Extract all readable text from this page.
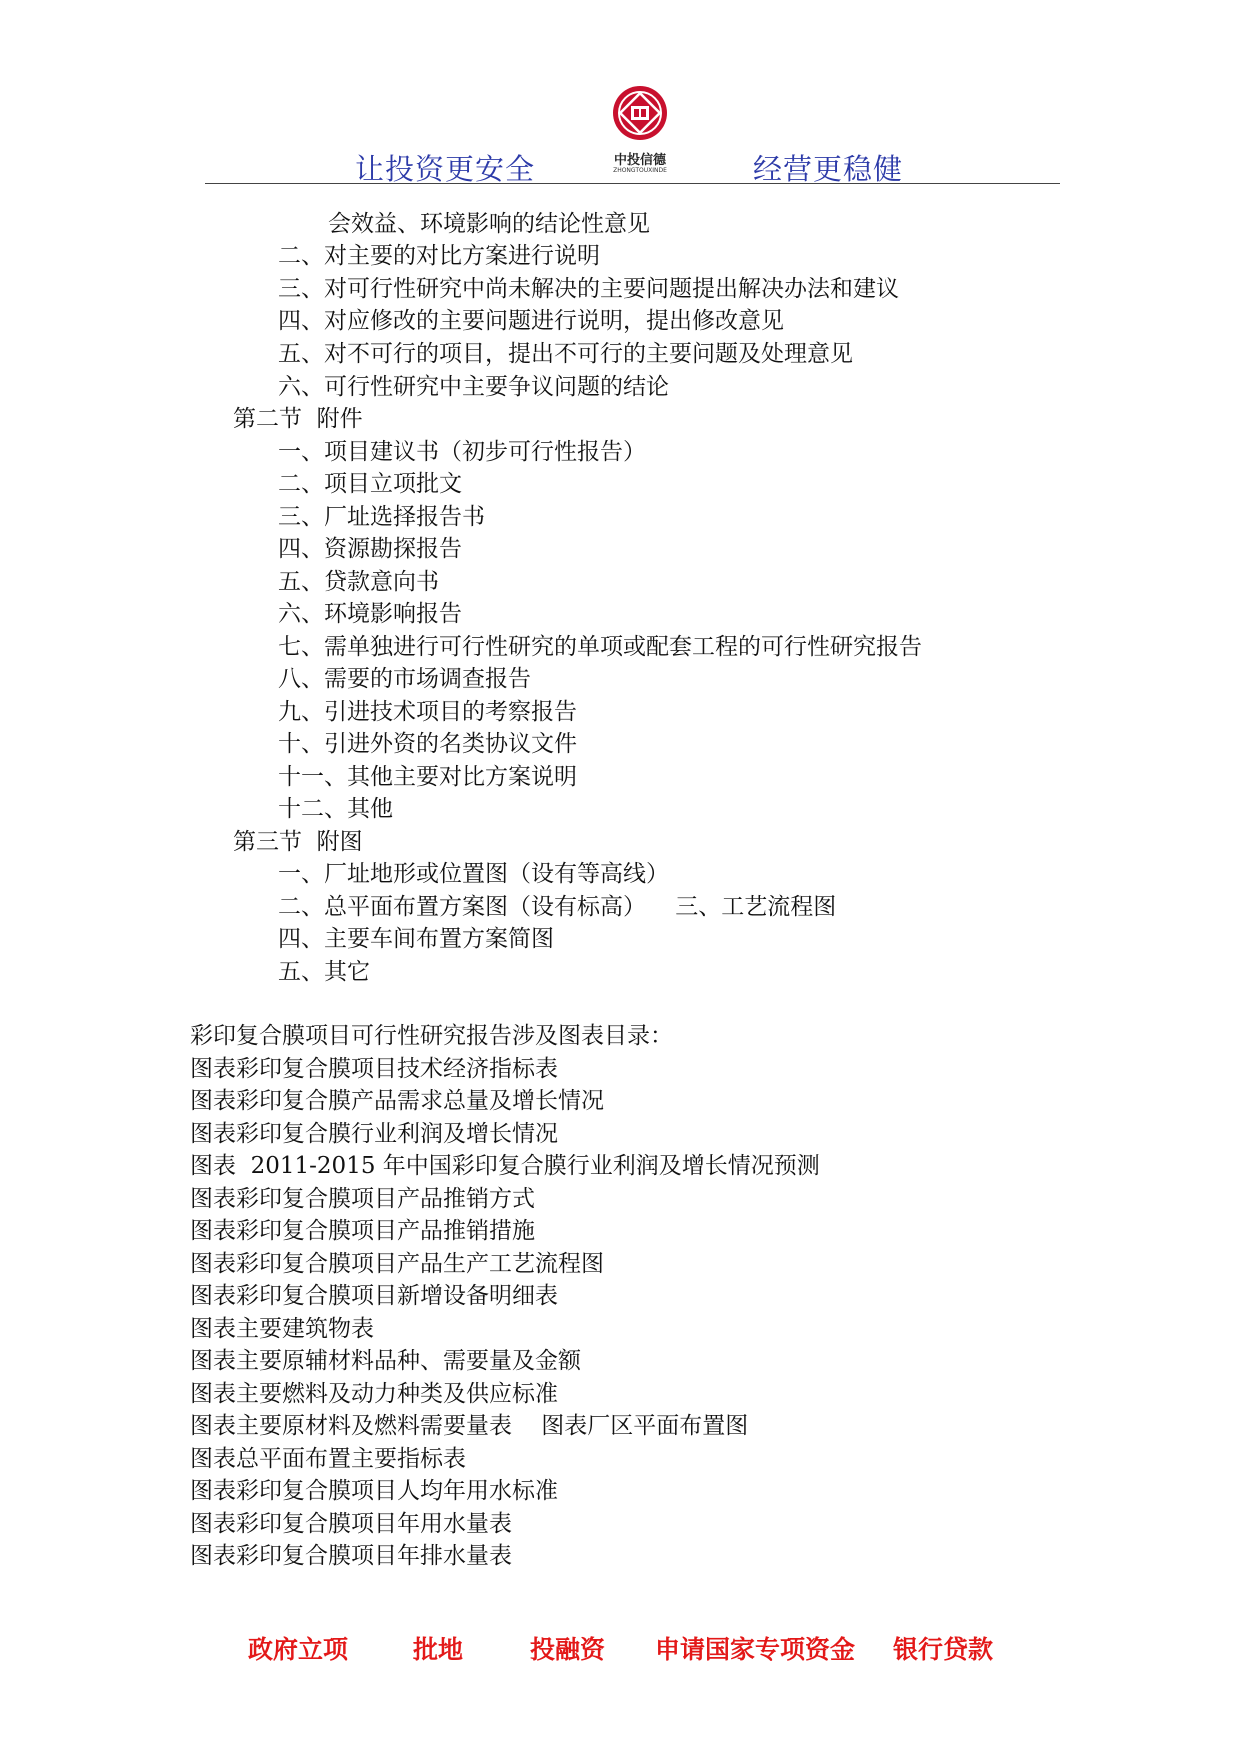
让投资更安全	中投信德
ZHONGTOUXINDE	经营更稳健
会效益、环境影响的结论性意见
二、对主要的对比方案进行说明
三、对可行性研究中尚未解决的主要问题提出解决办法和建议
四、对应修改的主要问题进行说明，提出修改意见
五、对不可行的项目，提出不可行的主要问题及处理意见
六、可行性研究中主要争议问题的结论
第二节  附件
一、项目建议书（初步可行性报告）
二、项目立项批文
三、厂址选择报告书
四、资源勘探报告
五、贷款意向书
六、环境影响报告
七、需单独进行可行性研究的单项或配套工程的可行性研究报告
八、需要的市场调查报告
九、引进技术项目的考察报告
十、引进外资的名类协议文件
十一、其他主要对比方案说明
十二、其他
第三节  附图
一、厂址地形或位置图（设有等高线）
二、总平面布置方案图（设有标高）    三、工艺流程图
四、主要车间布置方案简图
五、其它
彩印复合膜项目可行性研究报告涉及图表目录：
图表彩印复合膜项目技术经济指标表
图表彩印复合膜产品需求总量及增长情况
图表彩印复合膜行业利润及增长情况
图表  2011-2015 年中国彩印复合膜行业利润及增长情况预测
图表彩印复合膜项目产品推销方式
图表彩印复合膜项目产品推销措施
图表彩印复合膜项目产品生产工艺流程图
图表彩印复合膜项目新增设备明细表
图表主要建筑物表
图表主要原辅材料品种、需要量及金额
图表主要燃料及动力种类及供应标准
图表主要原材料及燃料需要量表    图表厂区平面布置图
图表总平面布置主要指标表
图表彩印复合膜项目人均年用水标准
图表彩印复合膜项目年用水量表
图表彩印复合膜项目年排水量表
政府立项	批地	投融资 申请国家专项资金 银行贷款
